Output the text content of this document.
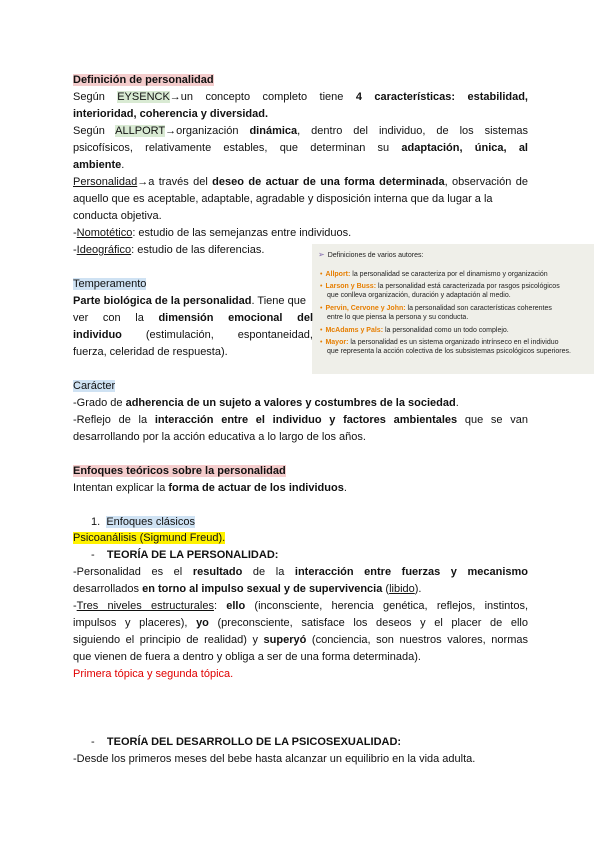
Definición de personalidad
Según EYSENCK→un concepto completo tiene 4 características: estabilidad,
interioridad, coherencia y diversidad.
Según ALLPORT→organización dinámica, dentro del individuo, de los sistemas
psicofísicos, relativamente estables, que determinan su adaptación, única, al
ambiente.
Personalidad→a través del deseo de actuar de una forma determinada, observación de
aquello que es aceptable, adaptable, agradable y disposición interna que da lugar a la
conducta objetiva.
-Nomotético: estudio de las semejanzas entre individuos.
-Ideográfico: estudio de las diferencias.	➢ Definiciones de varios autores:
• Allport: la personalidad se caracteriza por el dinamismo y organización
• Larson y Buss: la personalidad está caracterizada por rasgos psicológicos
que conlleva organización, duración y adaptación al medio.
• Pervin, Cervone y John: la personalidad son características coherentes
entre lo que piensa la persona y su conducta.
• McAdams y Pals: la personalidad como un todo complejo.
• Mayor: la personalidad es un sistema organizado intrínseco en el individuo
que representa la acción colectiva de los subsistemas psicológicos superiores.
Temperamento
Parte biológica de la personalidad. Tiene que
ver con la dimensión emocional del
individuo (estimulación, espontaneidad,
fuerza, celeridad de respuesta).
Carácter
-Grado de adherencia de un sujeto a valores y costumbres de la sociedad.
-Reflejo de la interacción entre el individuo y factores ambientales que se van
desarrollando por la acción educativa a lo largo de los años.
Enfoques teóricos sobre la personalidad
Intentan explicar la forma de actuar de los individuos.
1. Enfoques clásicos
Psicoanálisis (Sigmund Freud).
- TEORÍA DE LA PERSONALIDAD:
-Personalidad es el resultado de la interacción entre fuerzas y mecanismo
desarrollados en torno al impulso sexual y de supervivencia (libido).
-Tres niveles estructurales: ello (inconsciente, herencia genética, reflejos, instintos,
impulsos y placeres), yo (preconsciente, satisface los deseos y el placer de ello
siguiendo el principio de realidad) y superyó (conciencia, son nuestros valores, normas
que vienen de fuera a dentro y obliga a ser de una forma determinada).
Primera tópica y segunda tópica.
- TEORÍA DEL DESARROLLO DE LA PSICOSEXUALIDAD:
-Desde los primeros meses del bebe hasta alcanzar un equilibrio en la vida adulta.
